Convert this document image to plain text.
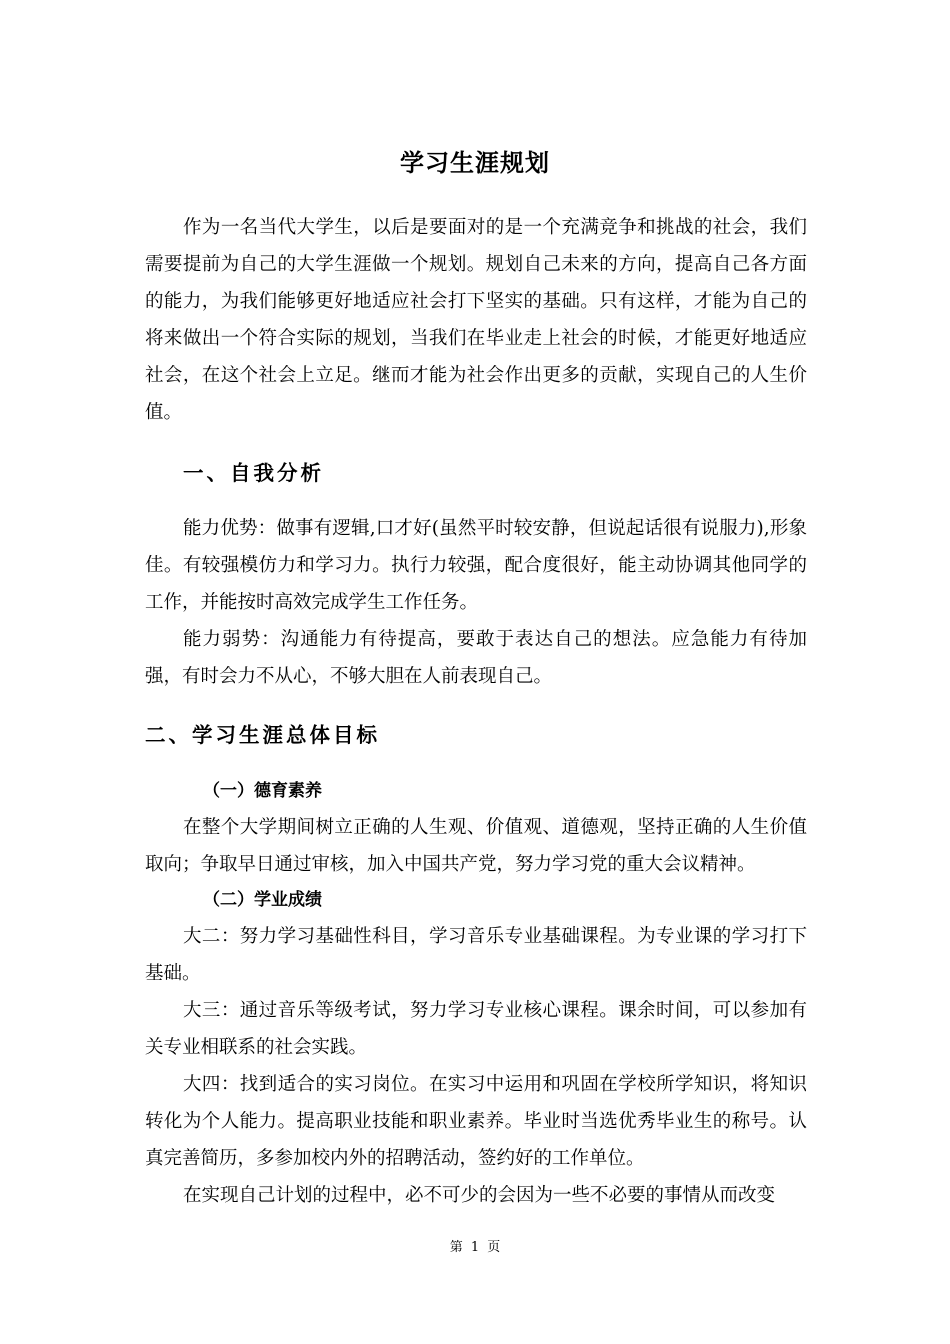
学习生涯规划

作为一名当代大学生，以后是要面对的是一个充满竞争和挑战的社会，我们需要提前为自己的大学生涯做一个规划。规划自己未来的方向，提高自己各方面的能力，为我们能够更好地适应社会打下坚实的基础。只有这样，才能为自己的将来做出一个符合实际的规划，当我们在毕业走上社会的时候，才能更好地适应社会，在这个社会上立足。继而才能为社会作出更多的贡献，实现自己的人生价值。

一、自我分析

能力优势：做事有逻辑,口才好(虽然平时较安静，但说起话很有说服力),形象佳。有较强模仿力和学习力。执行力较强，配合度很好，能主动协调其他同学的工作，并能按时高效完成学生工作任务。

能力弱势：沟通能力有待提高，要敢于表达自己的想法。应急能力有待加强，有时会力不从心，不够大胆在人前表现自己。

二、学习生涯总体目标
（一）德育素养

在整个大学期间树立正确的人生观、价值观、道德观，坚持正确的人生价值取向；争取早日通过审核，加入中国共产党，努力学习党的重大会议精神。

（二）学业成绩

大二：努力学习基础性科目，学习音乐专业基础课程。为专业课的学习打下基础。

大三：通过音乐等级考试，努力学习专业核心课程。课余时间，可以参加有关专业相联系的社会实践。

大四：找到适合的实习岗位。在实习中运用和巩固在学校所学知识，将知识转化为个人能力。提高职业技能和职业素养。毕业时当选优秀毕业生的称号。认真完善简历，多参加校内外的招聘活动，签约好的工作单位。

在实现自己计划的过程中，必不可少的会因为一些不必要的事情从而改变

第 1 页
